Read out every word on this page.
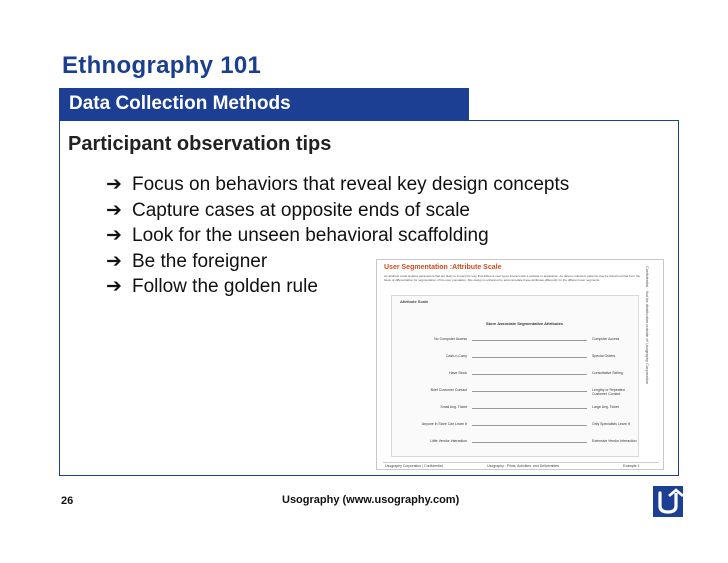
Ethnography 101
Data Collection Methods
Participant observation tips
➔ Focus on behaviors that reveal key design concepts
➔ Capture cases at opposite ends of scale
➔ Look for the unseen behavioral scaffolding
➔ Be the foreigner
➔ Follow the golden rule
User Segmentation :Attribute Scale
An attribute scale isolates parameters that are likely to impact the way that different user types interact with a website or application. As data is collected, patterns may be discerned that form the basis of differentiation for segmentation of the user population. Site design is enhanced to accommodate these attributes differently for the different user segments.
Attribute Scale
Store Associate Segmentative Attributes
No Computer Access	Computer Access
Cash-n-Carry	Special Orders
Have Stock	Consultative Selling
Brief Customer Contact	Lengthy or Repeated Customer Contact
Small Avg. Ticket	Large Avg. Ticket
Anyone in Store Can Learn It	Only Specialists Learn It
Little Vendor Interaction	Extensive Vendor Interaction
Usography Corporation | Confidential	Usography : Pilots, Activities, and Deliverables	Example 1
Confidential · Not for distribution outside of Usography Corporation
26	Usography (www.usography.com)
